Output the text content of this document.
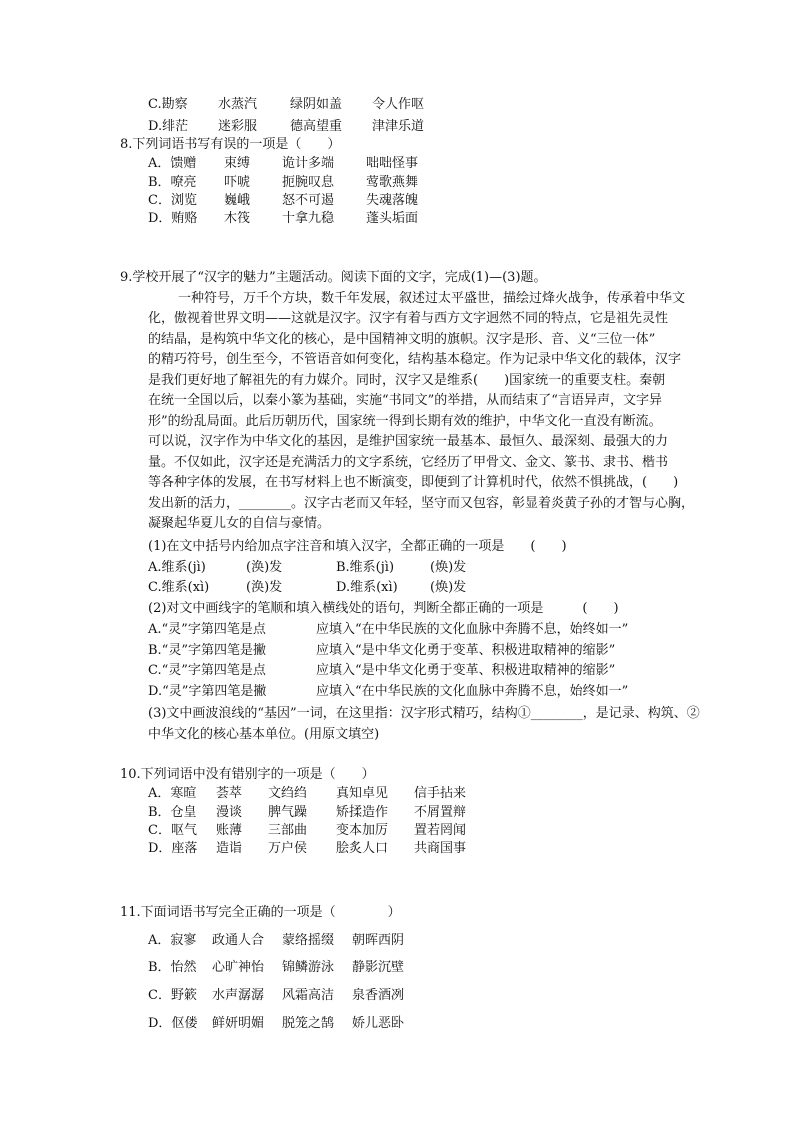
C.勘察 水蒸汽	绿阴如盖 令人作呕
D.绯茫 迷彩服	德高望重 津津乐道
8.下列词语书写有误的一项是（　　）
A．馈赠 束缚 诡计多端 咄咄怪事
B．嘹亮 吓唬 扼腕叹息 莺歌燕舞
C．浏览 巍峨 怒不可遏 失魂落魄
D．贿赂 木筏 十拿九稳 蓬头垢面
9.学校开展了“汉字的魅力”主题活动。阅读下面的文字，完成(1)—(3)题。
一种符号，万千个方块，数千年发展，叙述过太平盛世，描绘过烽火战争，传承着中华文
化，傲视着世界文明——这就是汉字。汉字有着与西方文字迥然不同的特点，它是祖先灵性
的结晶，是构筑中华文化的核心，是中国精神文明的旗帜。汉字是形、音、义“三位一体”
的精巧符号，创生至今，不管语音如何变化，结构基本稳定。作为记录中华文化的载体，汉字
是我们更好地了解祖先的有力媒介。同时，汉字又是维系(　　)国家统一的重要支柱。秦朝
在统一全国以后，以秦小篆为基础，实施“书同文”的举措，从而结束了“言语异声，文字异
形”的纷乱局面。此后历朝历代，国家统一得到长期有效的维护，中华文化一直没有断流。
可以说，汉字作为中华文化的基因，是维护国家统一最基本、最恒久、最深刻、最强大的力
量。不仅如此，汉字还是充满活力的文字系统，它经历了甲骨文、金文、篆书、隶书、楷书
等各种字体的发展，在书写材料上也不断演变，即便到了计算机时代，依然不惧挑战，(　　)
发出新的活力，________。汉字古老而又年轻，坚守而又包容，彰显着炎黄子孙的才智与心胸，
凝聚起华夏儿女的自信与豪情。
(1)在文中括号内给加点字注音和填入汉字，全都正确的一项是　　(　　)
A.维系(jì)	(涣)发	B.维系(jì)	(焕)发
C.维系(xì)	(涣)发	D.维系(xì) (焕)发
(2)对文中画线字的笔顺和填入横线处的语句，判断全都正确的一项是　　　(　　)
A.“灵”字第四笔是点	应填入“在中华民族的文化血脉中奔腾不息，始终如一”
B.“灵”字第四笔是撇	应填入“是中华文化勇于变革、积极进取精神的缩影”
C.“灵”字第四笔是点	应填入“是中华文化勇于变革、积极进取精神的缩影”
D.“灵”字第四笔是撇	应填入“在中华民族的文化血脉中奔腾不息，始终如一”
(3)文中画波浪线的“基因”一词，在这里指：汉字形式精巧，结构①________，是记录、构筑、②
中华文化的核心基本单位。(用原文填空)
10.下列词语中没有错别字的一项是（　　）
A．寒暄 荟萃 文绉绉 真知卓见 信手拈来
B．仓皇 漫谈 脾气躁 矫揉造作 不屑置辩
C．呕气 账薄 三部曲 变本加厉 置若罔闻
D．座落 造诣 万户侯 脍炙人口 共商国事
11.下面词语书写完全正确的一项是（　　　　）
A．寂寥 政通人合 蒙络摇缀 朝晖西阴
B．怡然 心旷神怡 锦鳞游泳 静影沉壁
C．野簌 水声潺潺 风霜高洁 泉香酒冽
D．伛偻 鲜妍明媚 脱笼之鹄 娇儿恶卧
